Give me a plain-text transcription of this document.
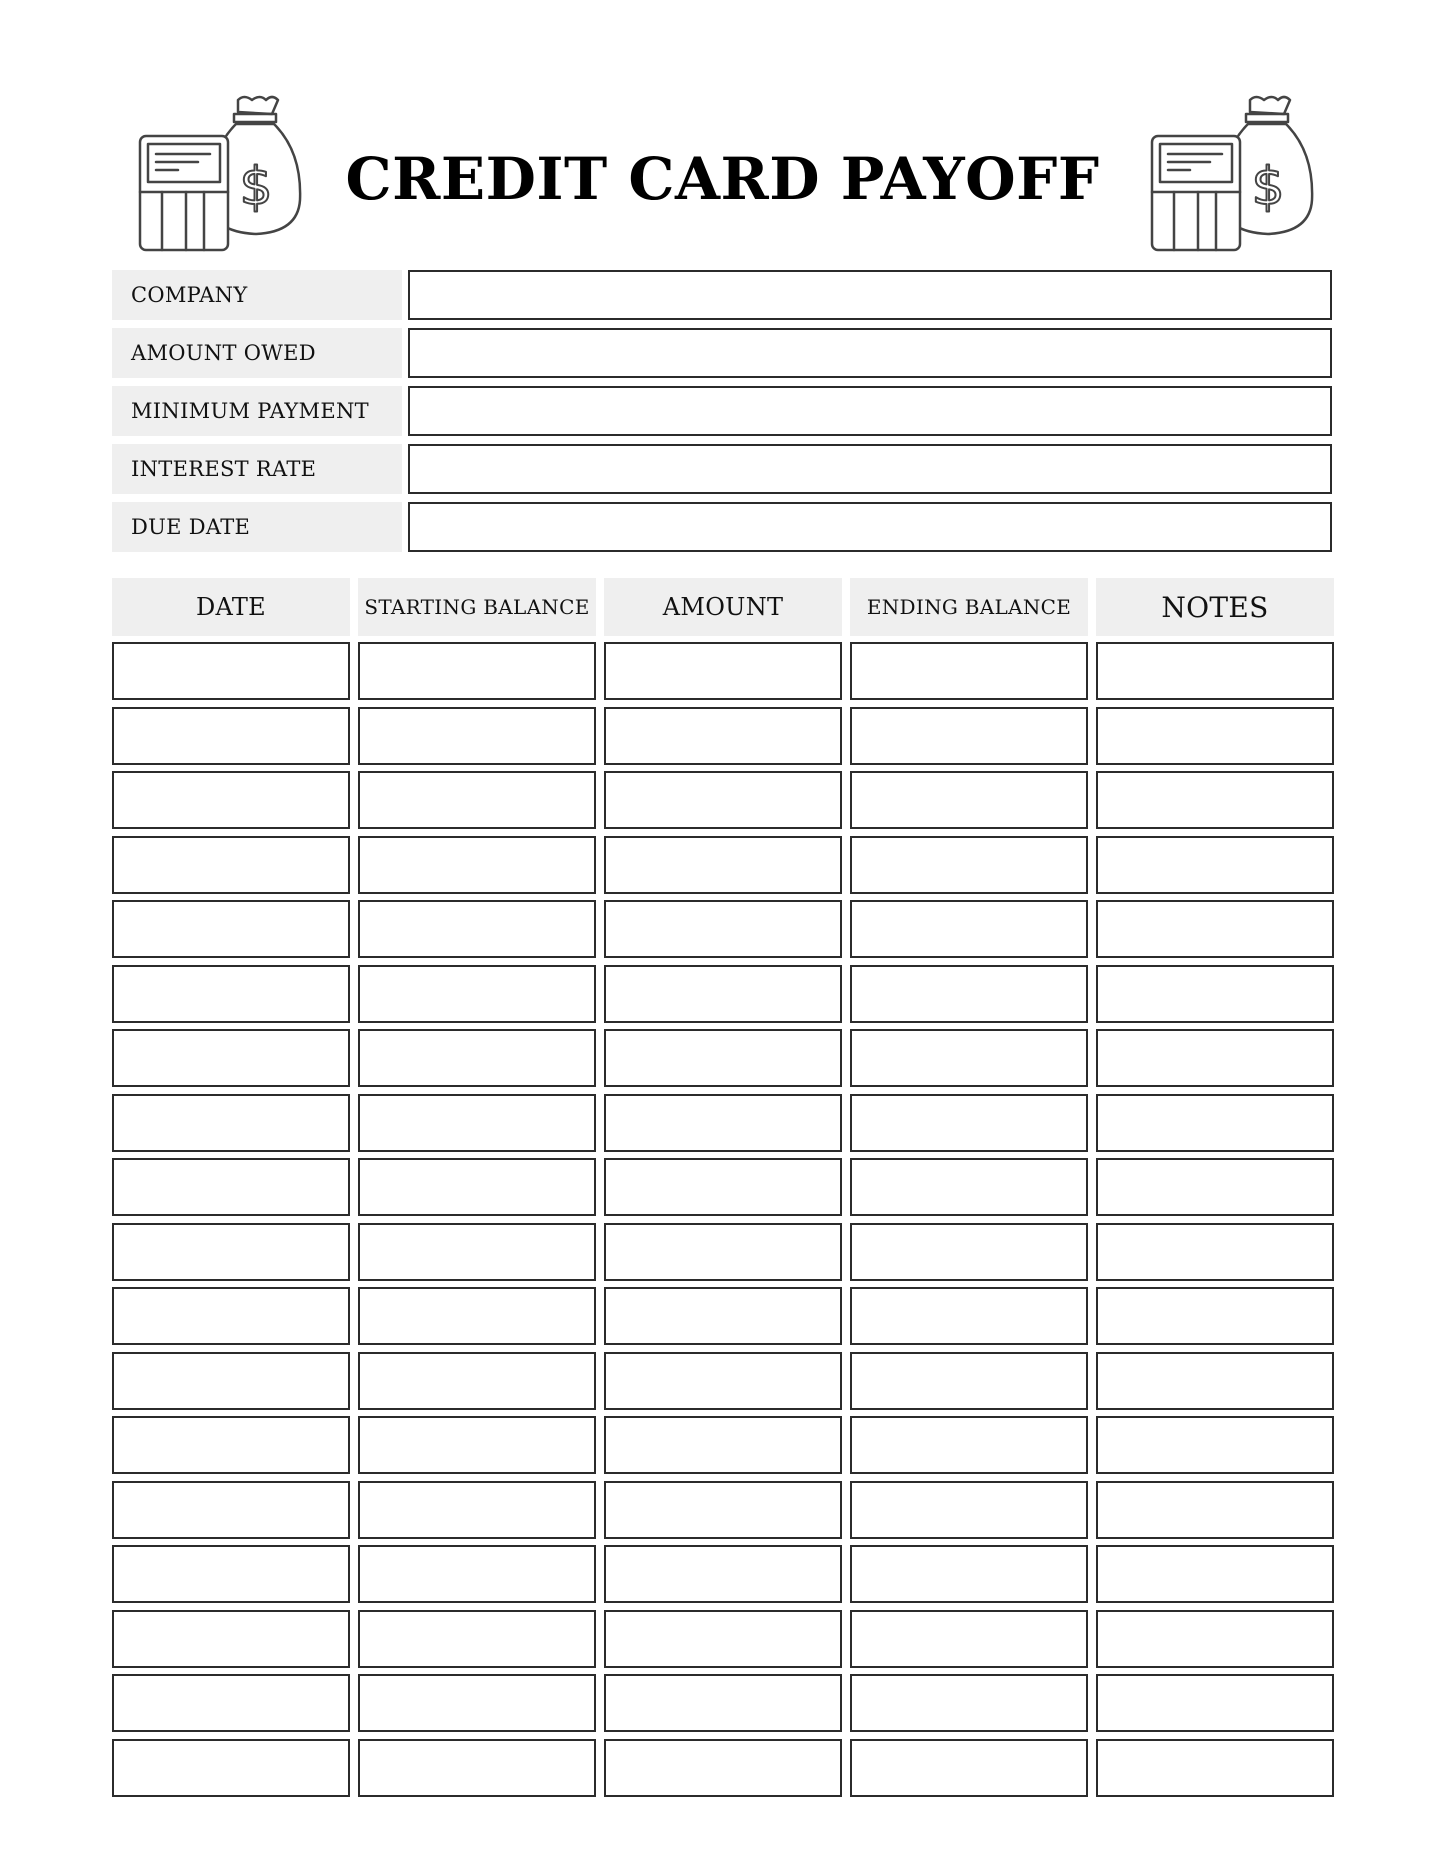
$	CREDIT CARD PAYOFF	$
COMPANY
AMOUNT OWED
MINIMUM PAYMENT
INTEREST RATE
DUE DATE
DATE	STARTING BALANCE	AMOUNT	ENDING BALANCE	NOTES
